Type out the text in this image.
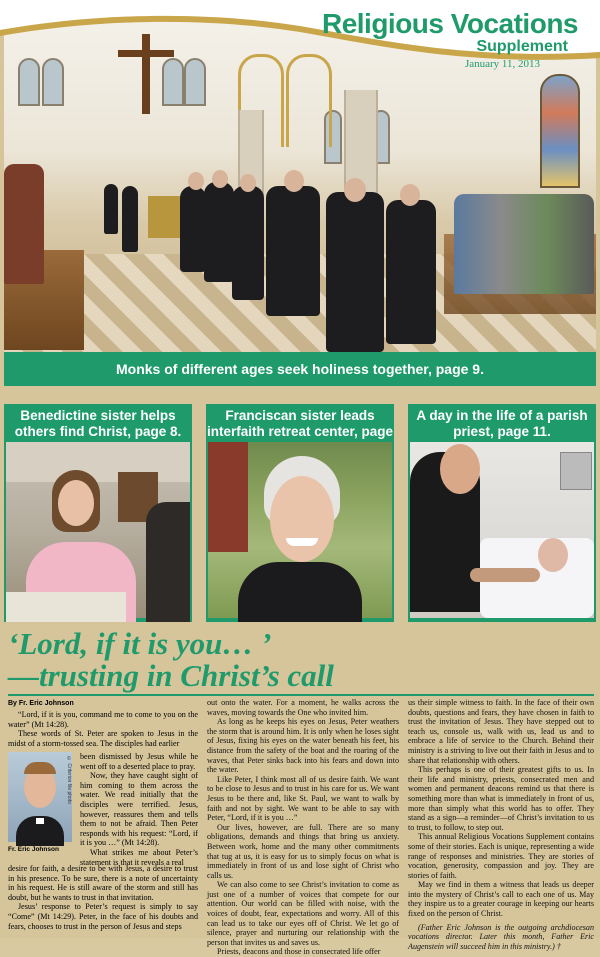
Religious Vocations
Supplement
January 11, 2013
Monks of different ages seek holiness together, page 9.
Benedictine sister helps others find Christ, page 8.
Franciscan sister leads interfaith retreat center, page
A day in the life of a parish priest, page 11.
‘Lord, if it is you… ’
—trusting in Christ’s call
By Fr. Eric Johnson

“Lord, if it is you, command me to come to you on the water” (Mt 14:28).

These words of St. Peter are spoken to Jesus in the midst of a storm-tossed sea. The disciples had earlier

© Criterion file photo
Fr. Eric Johnson

been dismissed by Jesus while he went off to a deserted place to pray.

Now, they have caught sight of him coming to them across the water. We read initially that the disciples were terrified. Jesus, however, reassures them and tells them to not be afraid. Then Peter responds with his request: “Lord, if it is you …” (Mt 14:28).

What strikes me about Peter’s statement is that it reveals a real

desire for faith, a desire to be with Jesus, a desire to trust in his presence. To be sure, there is a note of uncertainty in his request. He is still aware of the storm and still has doubt, but he wants to trust in that invitation.

Jesus’ response to Peter’s request is simply to say “Come” (Mt 14:29). Peter, in the face of his doubts and fears, chooses to trust in the person of Jesus and steps

out onto the water. For a moment, he walks across the waves, moving towards the One who invited him.

As long as he keeps his eyes on Jesus, Peter weathers the storm that is around him. It is only when he loses sight of Jesus, fixing his eyes on the water beneath his feet, his distance from the safety of the boat and the roaring of the waves, that Peter sinks back into his fears and down into the water.

Like Peter, I think most all of us desire faith. We want to be close to Jesus and to trust in his care for us. We want Jesus to be there and, like St. Paul, we want to walk by faith and not by sight. We want to be able to say with Peter, “Lord, if it is you …”

Our lives, however, are full. There are so many obligations, demands and things that bring us anxiety. Between work, home and the many other commitments that tug at us, it is easy for us to simply focus on what is immediately in front of us and lose sight of Christ who calls us.

We can also come to see Christ’s invitation to come as just one of a number of voices that compete for our attention. Our world can be filled with noise, with the voices of doubt, fear, expectations and worry. All of this can lead us to take our eyes off of Christ. We let go of silence, prayer and nurturing our relationship with the person that invites us and saves us.

Priests, deacons and those in consecrated life offer

us their simple witness to faith. In the face of their own doubts, questions and fears, they have chosen in faith to trust the invitation of Jesus. They have stepped out to teach us, console us, walk with us, lead us and to embrace a life of service to the Church. Behind their ministry is a striving to live out their faith in Jesus and to share that relationship with others.

This perhaps is one of their greatest gifts to us. In their life and ministry, priests, consecrated men and women and permanent deacons remind us that there is something more than what is immediately in front of us, more than simply what this world has to offer. They stand as a sign—a reminder—of Christ’s invitation to us to trust, to follow, to step out.

This annual Religious Vocations Supplement contains some of their stories. Each is unique, representing a wide range of responses and ministries. They are stories of vocation, generosity, compassion and joy. They are stories of faith.

May we find in them a witness that leads us deeper into the mystery of Christ’s call to each one of us. May they inspire us to a greater courage in keeping our hearts fixed on the person of Christ.

(Father Eric Johnson is the outgoing archdiocesan vocations director. Later this month, Father Eric Augenstein will succeed him in this ministry.) †
